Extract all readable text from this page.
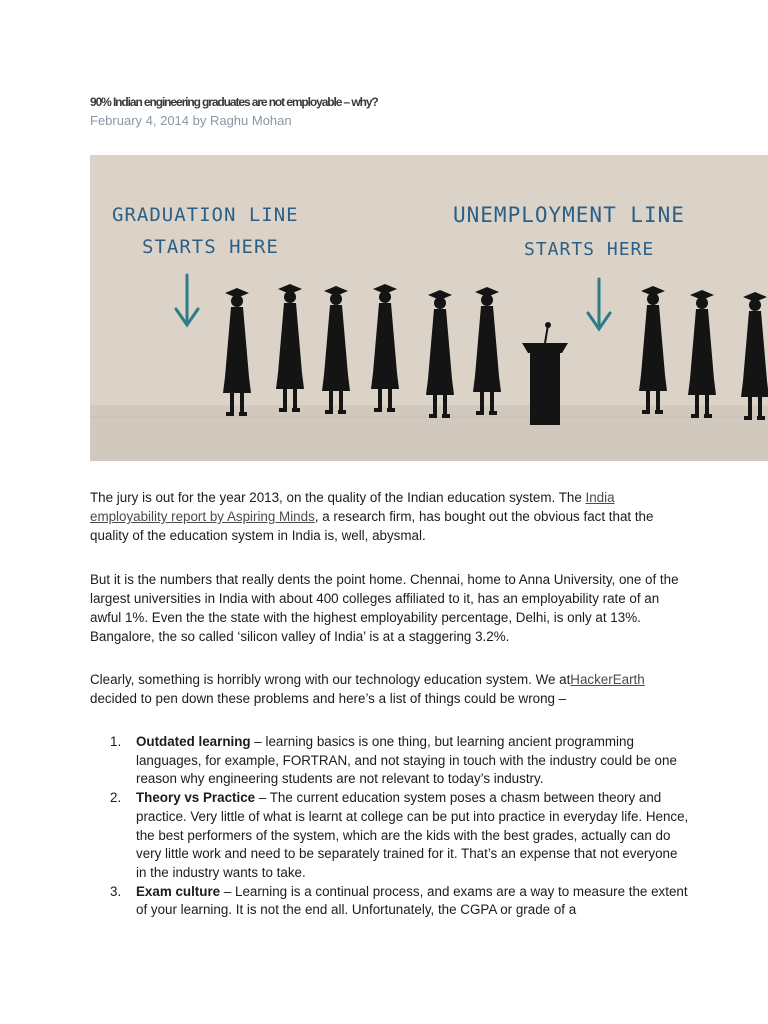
90% Indian engineering graduates are not employable – why?
February 4, 2014 by Raghu Mohan
GRADUATION LINE
STARTS HERE
UNEMPLOYMENT LINE
STARTS HERE
The jury is out for the year 2013, on the quality of the Indian education system. The India employability report by Aspiring Minds, a research firm, has bought out the obvious fact that the quality of the education system in India is, well, abysmal.
But it is the numbers that really dents the point home. Chennai, home to Anna University, one of the largest universities in India with about 400 colleges affiliated to it, has an employability rate of an awful 1%. Even the the state with the highest employability percentage, Delhi, is only at 13%. Bangalore, the so called ‘silicon valley of India’ is at a staggering 3.2%.
Clearly, something is horribly wrong with our technology education system. We atHackerEarth decided to pen down these problems and here’s a list of things could be wrong –
1. Outdated learning – learning basics is one thing, but learning ancient programming languages, for example, FORTRAN, and not staying in touch with the industry could be one reason why engineering students are not relevant to today’s industry.
2. Theory vs Practice – The current education system poses a chasm between theory and practice. Very little of what is learnt at college can be put into practice in everyday life. Hence, the best performers of the system, which are the kids with the best grades, actually can do very little work and need to be separately trained for it. That’s an expense that not everyone in the industry wants to take.
3. Exam culture – Learning is a continual process, and exams are a way to measure the extent of your learning. It is not the end all. Unfortunately, the CGPA or grade of a
